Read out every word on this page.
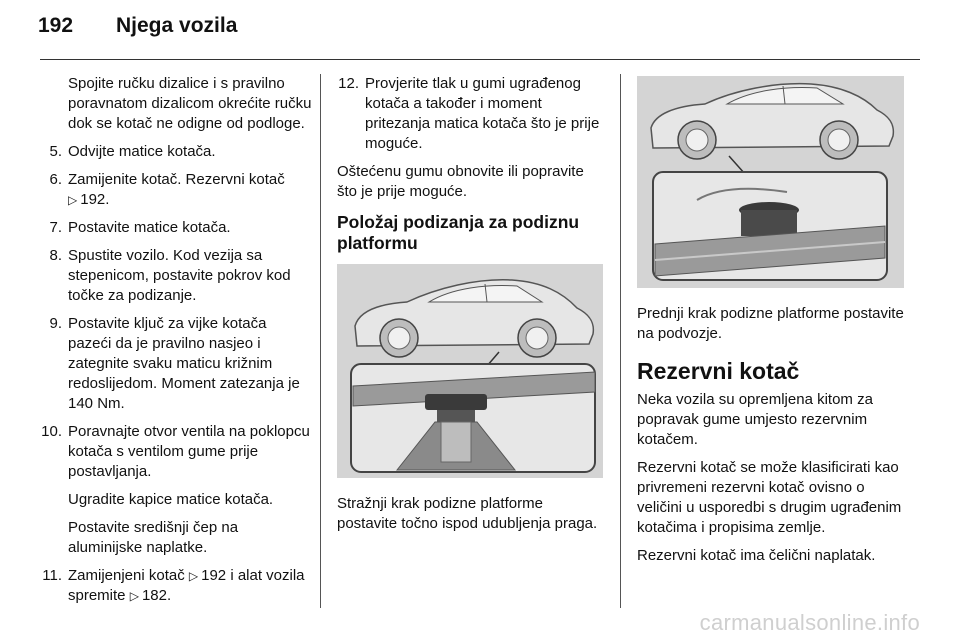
192 Njega vozila

Spojite ručku dizalice i s pravilno poravnatom dizalicom okrećite ručku dok se kotač ne odigne od podloge.

5. Odvijte matice kotača.
6. Zamijenite kotač. Rezervni kotač
▷ 192.
7. Postavite matice kotača.
8. Spustite vozilo. Kod vezija sa stepenicom, postavite pokrov kod točke za podizanje.
9. Postavite ključ za vijke kotača pazeći da je pravilno nasjeo i zategnite svaku maticu križnim redoslijedom. Moment zatezanja je 140 Nm.
10. Poravnajte otvor ventila na poklopcu kotača s ventilom gume prije postavljanja.

Ugradite kapice matice kotača.

Postavite središnji čep na aluminijske naplatke.

11. Zamijenjeni kotač ▷ 192 i alat vozila spremite ▷ 182.
12. Provjerite tlak u gumi ugrađenog kotača a također i moment pritezanja matica kotača što je prije moguće.

Oštećenu gumu obnovite ili popravite što je prije moguće.

Položaj podizanja za podiznu platformu

Stražnji krak podizne platforme postavite točno ispod udubljenja praga.

Prednji krak podizne platforme postavite na podvozje.

Rezervni kotač

Neka vozila su opremljena kitom za popravak gume umjesto rezervnim kotačem.

Rezervni kotač se može klasificirati kao privremeni rezervni kotač ovisno o veličini u usporedbi s drugim ugrađenim kotačima i propisima zemlje.

Rezervni kotač ima čelični naplatak.

carmanualsonline.info
